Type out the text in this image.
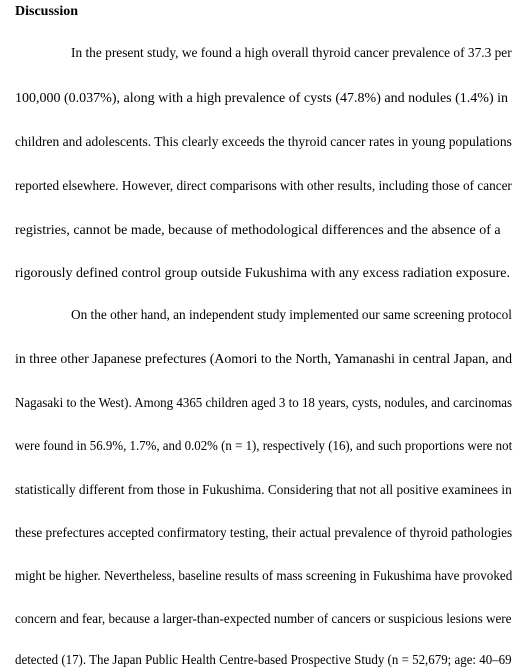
Discussion
In the present study, we found a high overall thyroid cancer prevalence of 37.3 per
100,000 (0.037%), along with a high prevalence of cysts (47.8%) and nodules (1.4%) in
children and adolescents. This clearly exceeds the thyroid cancer rates in young populations
reported elsewhere. However, direct comparisons with other results, including those of cancer
registries, cannot be made, because of methodological differences and the absence of a
rigorously defined control group outside Fukushima with any excess radiation exposure.
On the other hand, an independent study implemented our same screening protocol
in three other Japanese prefectures (Aomori to the North, Yamanashi in central Japan, and
Nagasaki to the West). Among 4365 children aged 3 to 18 years, cysts, nodules, and carcinomas
were found in 56.9%, 1.7%, and 0.02% (n = 1), respectively (16), and such proportions were not
statistically different from those in Fukushima. Considering that not all positive examinees in
these prefectures accepted confirmatory testing, their actual prevalence of thyroid pathologies
might be higher. Nevertheless, baseline results of mass screening in Fukushima have provoked
concern and fear, because a larger-than-expected number of cancers or suspicious lesions were
detected (17). The Japan Public Health Centre-based Prospective Study (n = 52,679; age: 40–69
